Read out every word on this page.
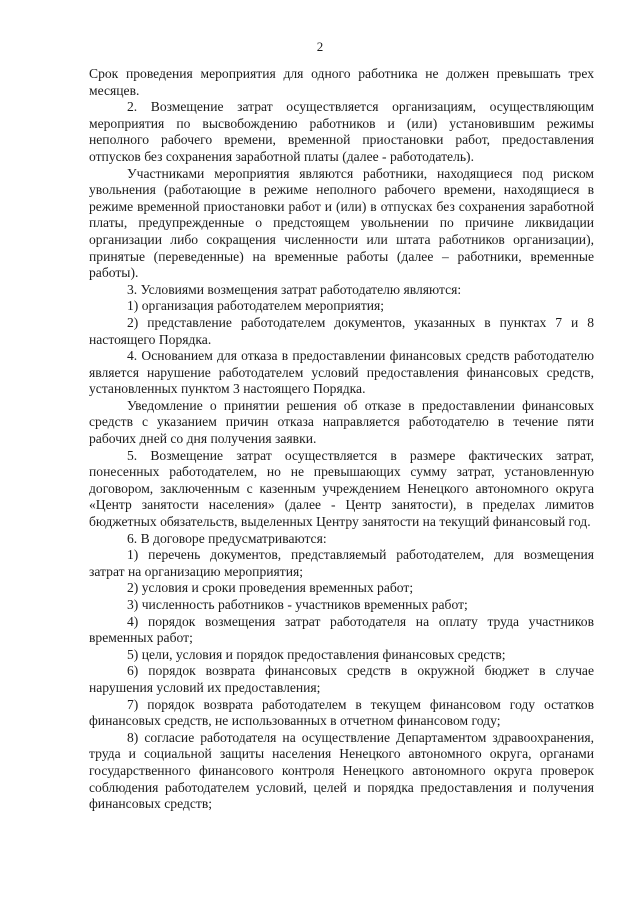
2

Срок проведения мероприятия для одного работника не должен превышать трех месяцев.

2. Возмещение затрат осуществляется организациям, осуществляющим мероприятия по высвобождению работников и (или) установившим режимы неполного рабочего времени, временной приостановки работ, предоставления отпусков без сохранения заработной платы (далее - работодатель).

Участниками мероприятия являются работники, находящиеся под риском увольнения (работающие в режиме неполного рабочего времени, находящиеся в режиме временной приостановки работ и (или) в отпусках без сохранения заработной платы, предупрежденные о предстоящем увольнении по причине ликвидации организации либо сокращения численности или штата работников организации), принятые (переведенные) на временные работы (далее – работники, временные работы).

3. Условиями возмещения затрат работодателю являются:

1) организация работодателем мероприятия;

2) представление работодателем документов, указанных в пунктах 7 и 8 настоящего Порядка.

4. Основанием для отказа в предоставлении финансовых средств работодателю является нарушение работодателем условий предоставления финансовых средств, установленных пунктом 3 настоящего Порядка.

Уведомление о принятии решения об отказе в предоставлении финансовых средств с указанием причин отказа направляется работодателю в течение пяти рабочих дней со дня получения заявки.

5. Возмещение затрат осуществляется в размере фактических затрат, понесенных работодателем, но не превышающих сумму затрат, установленную договором, заключенным с казенным учреждением Ненецкого автономного округа «Центр занятости населения» (далее - Центр занятости), в пределах лимитов бюджетных обязательств, выделенных Центру занятости на текущий финансовый год.

6. В договоре предусматриваются:

1) перечень документов, представляемый работодателем, для возмещения затрат на организацию мероприятия;

2) условия и сроки проведения временных работ;

3) численность работников - участников временных работ;

4) порядок возмещения затрат работодателя на оплату труда участников временных работ;

5) цели, условия и порядок предоставления финансовых средств;

6) порядок возврата финансовых средств в окружной бюджет в случае нарушения условий их предоставления;

7) порядок возврата работодателем в текущем финансовом году остатков финансовых средств, не использованных в отчетном финансовом году;

8) согласие работодателя на осуществление Департаментом здравоохранения, труда и социальной защиты населения Ненецкого автономного округа, органами государственного финансового контроля Ненецкого автономного округа проверок соблюдения работодателем условий, целей и порядка предоставления и получения финансовых средств;
